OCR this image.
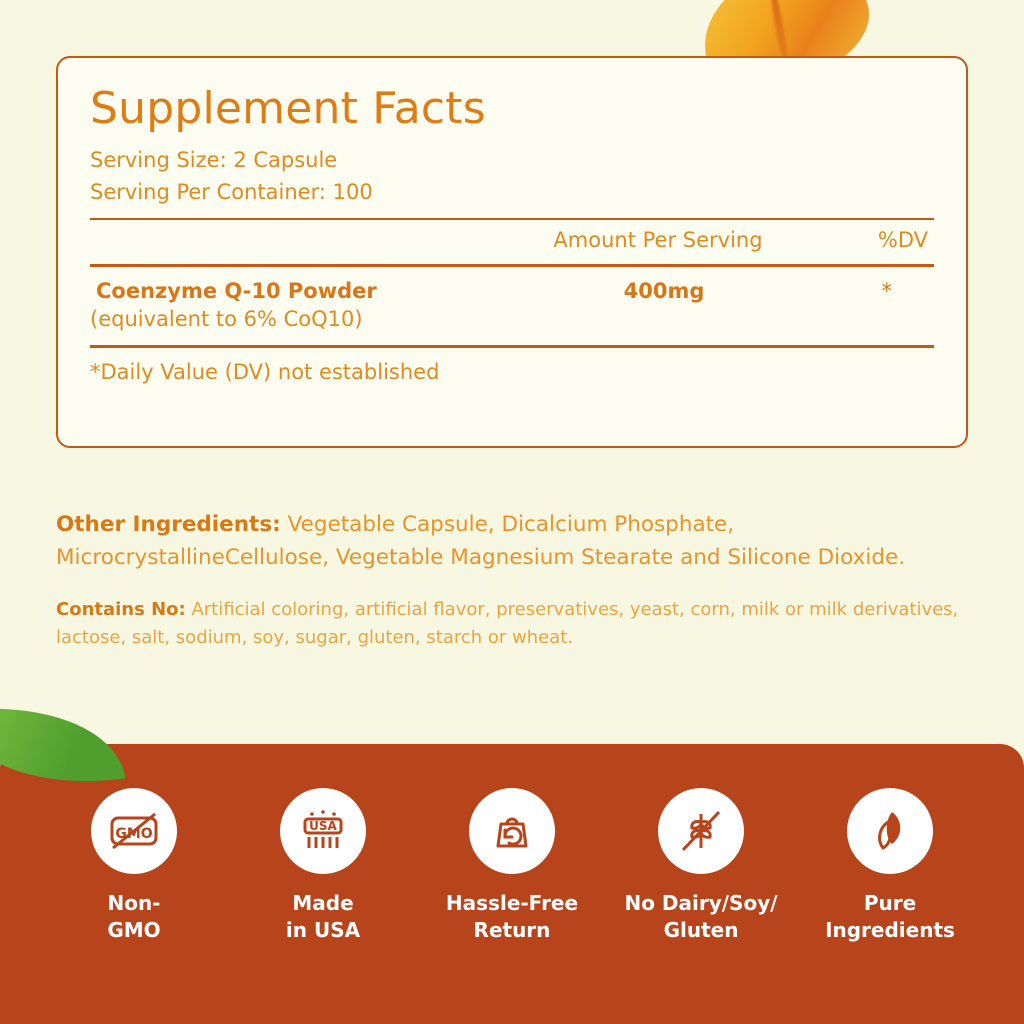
Supplement Facts
Serving Size: 2 Capsule
Serving Per Container: 100
Amount Per Serving	%DV
Coenzyme Q-10 Powder	400mg	*
(equivalent to 6% CoQ10)
*Daily Value (DV) not established
Other Ingredients: Vegetable Capsule, Dicalcium Phosphate, MicrocrystallineCellulose, Vegetable Magnesium Stearate and Silicone Dioxide.
Contains No: Artificial coloring, artificial flavor, preservatives, yeast, corn, milk or milk derivatives, lactose, salt, sodium, soy, sugar, gluten, starch or wheat.
GMO
Non-
GMO
USA
Made
in USA
Hassle-Free
Return
No Dairy/Soy/
Gluten
Pure
Ingredients
